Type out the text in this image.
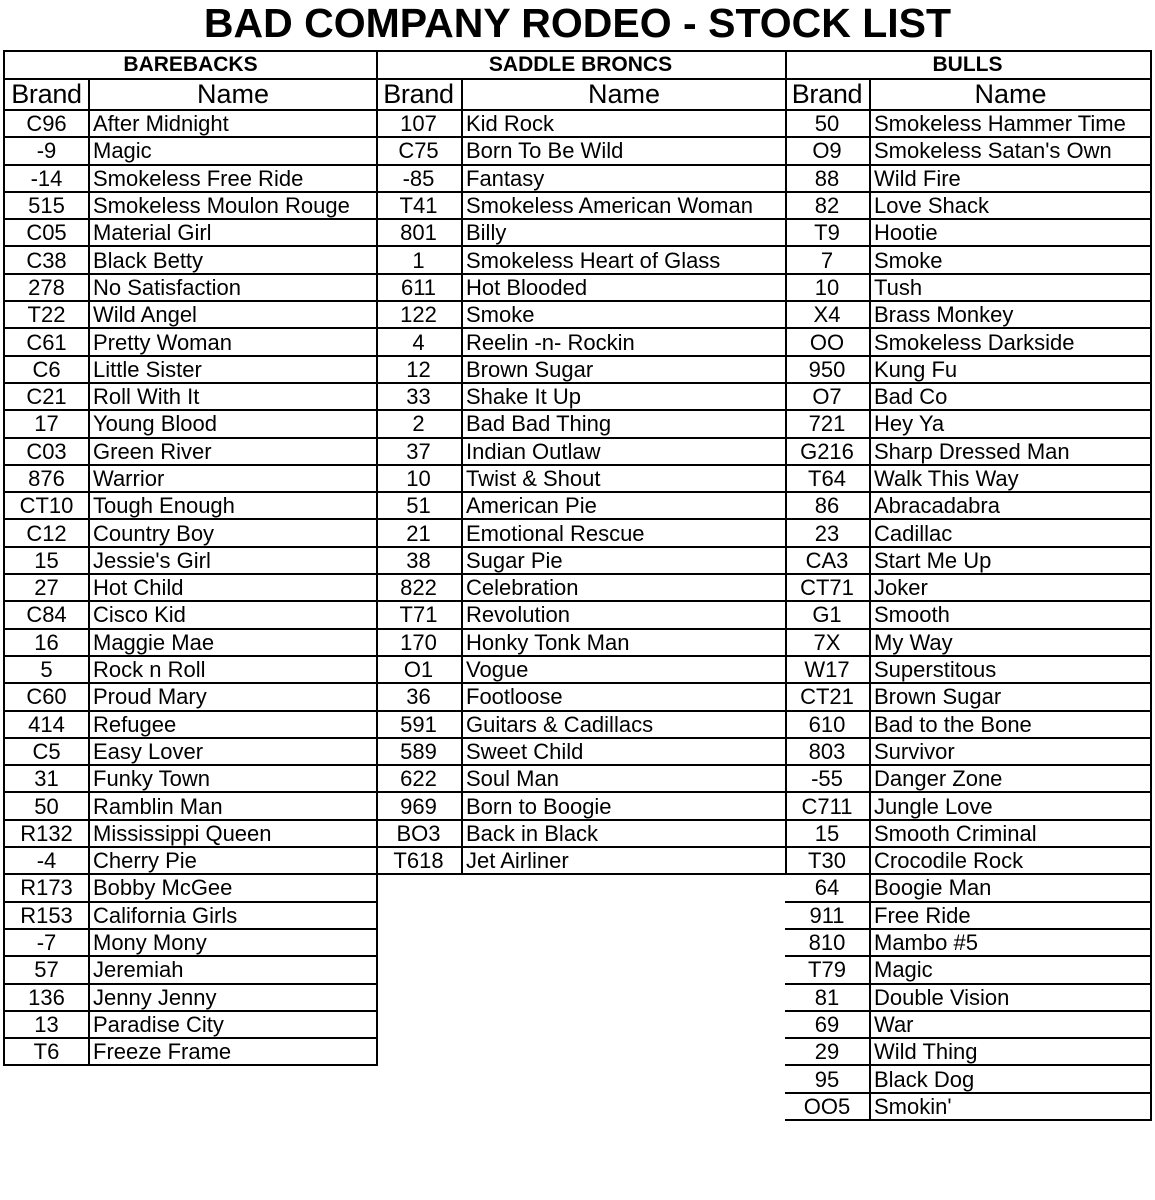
BAD COMPANY RODEO - STOCK LIST
BAREBACKS
Brand	Name
C96	After Midnight
-9	Magic
-14	Smokeless Free Ride
515	Smokeless Moulon Rouge
C05	Material Girl
C38	Black Betty
278	No Satisfaction
T22	Wild Angel
C61	Pretty Woman
C6	Little Sister
C21	Roll With It
17	Young Blood
C03	Green River
876	Warrior
CT10	Tough Enough
C12	Country Boy
15	Jessie's Girl
27	Hot Child
C84	Cisco Kid
16	Maggie Mae
5	Rock n Roll
C60	Proud Mary
414	Refugee
C5	Easy Lover
31	Funky Town
50	Ramblin Man
R132	Mississippi Queen
-4	Cherry Pie
R173	Bobby McGee
R153	California Girls
-7	Mony Mony
57	Jeremiah
136	Jenny Jenny
13	Paradise City
T6	Freeze Frame
SADDLE BRONCS
Brand	Name
107	Kid Rock
C75	Born To Be Wild
-85	Fantasy
T41	Smokeless American Woman
801	Billy
1	Smokeless Heart of Glass
611	Hot Blooded
122	Smoke
4	Reelin -n- Rockin
12	Brown Sugar
33	Shake It Up
2	Bad Bad Thing
37	Indian Outlaw
10	Twist & Shout
51	American Pie
21	Emotional Rescue
38	Sugar Pie
822	Celebration
T71	Revolution
170	Honky Tonk Man
O1	Vogue
36	Footloose
591	Guitars & Cadillacs
589	Sweet Child
622	Soul Man
969	Born to Boogie
BO3	Back in Black
T618	Jet Airliner
BULLS
Brand	Name
50	Smokeless Hammer Time
O9	Smokeless Satan's Own
88	Wild Fire
82	Love Shack
T9	Hootie
7	Smoke
10	Tush
X4	Brass Monkey
OO	Smokeless Darkside
950	Kung Fu
O7	Bad Co
721	Hey Ya
G216	Sharp Dressed Man
T64	Walk This Way
86	Abracadabra
23	Cadillac
CA3	Start Me Up
CT71	Joker
G1	Smooth
7X	My Way
W17	Superstitous
CT21	Brown Sugar
610	Bad to the Bone
803	Survivor
-55	Danger Zone
C711	Jungle Love
15	Smooth Criminal
T30	Crocodile Rock
64	Boogie Man
911	Free Ride
810	Mambo #5
T79	Magic
81	Double Vision
69	War
29	Wild Thing
95	Black Dog
OO5	Smokin'
